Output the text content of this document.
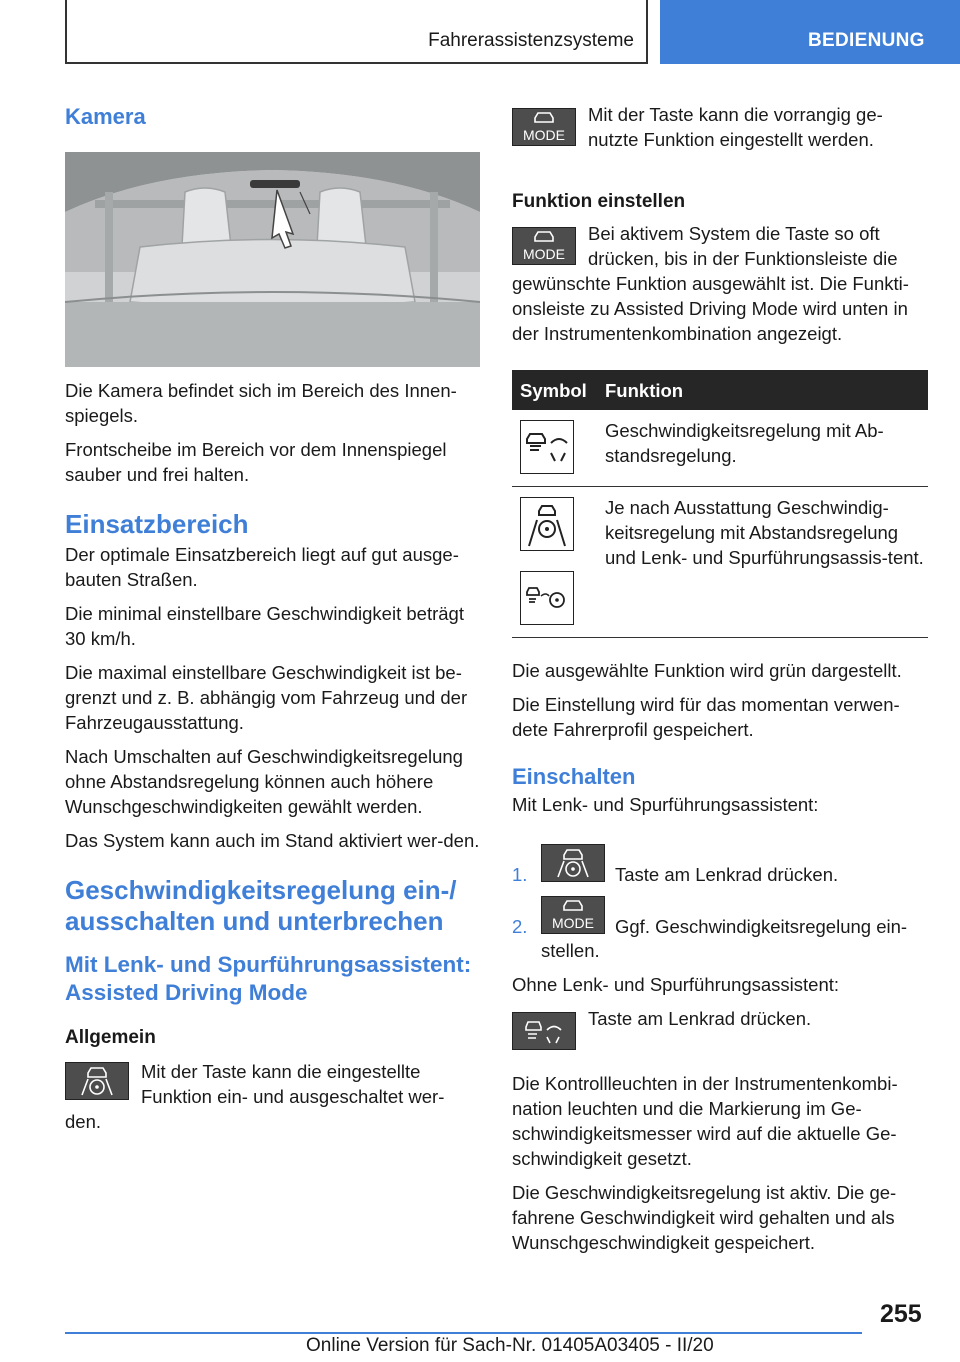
Fahrerassistenzsysteme	BEDIENUNG
Kamera

Die Kamera befindet sich im Bereich des Innen-spiegels.

Frontscheibe im Bereich vor dem Innenspiegel sauber und frei halten.

Einsatzbereich

Der optimale Einsatzbereich liegt auf gut ausge-bauten Straßen.

Die minimal einstellbare Geschwindigkeit beträgt 30 km/h.

Die maximal einstellbare Geschwindigkeit ist be-grenzt und z. B. abhängig vom Fahrzeug und der Fahrzeugausstattung.

Nach Umschalten auf Geschwindigkeitsregelung ohne Abstandsregelung können auch höhere Wunschgeschwindigkeiten gewählt werden.

Das System kann auch im Stand aktiviert wer-den.

Geschwindigkeitsregelung ein-/ ausschalten und unterbrechen
Mit Lenk- und Spurführungsassistent: Assisted Driving Mode
Allgemein
Mit der Taste kann die eingestellte Funktion ein- und ausgeschaltet wer-den.
MODE
Mit der Taste kann die vorrangig ge-nutzte Funktion eingestellt werden.
Funktion einstellen
MODE
Bei aktivem System die Taste so oft drücken, bis in der Funktionsleiste die gewünschte Funktion ausgewählt ist. Die Funkti-onsleiste zu Assisted Driving Mode wird unten in der Instrumentenkombination angezeigt.
Symbol Funktion
Geschwindigkeitsregelung mit Ab-standsregelung.
Je nach Ausstattung Geschwindig-keitsregelung mit Abstandsregelung und Lenk- und Spurführungsassis-tent.

Die ausgewählte Funktion wird grün dargestellt.

Die Einstellung wird für das momentan verwen-dete Fahrerprofil gespeichert.

Einschalten

Mit Lenk- und Spurführungsassistent:

1.	Taste am Lenkrad drücken.
2. MODE Ggf. Geschwindigkeitsregelung ein-
stellen.

Ohne Lenk- und Spurführungsassistent:

Taste am Lenkrad drücken.

Die Kontrollleuchten in der Instrumentenkombi-nation leuchten und die Markierung im Ge-schwindigkeitsmesser wird auf die aktuelle Ge-schwindigkeit gesetzt.

Die Geschwindigkeitsregelung ist aktiv. Die ge-fahrene Geschwindigkeit wird gehalten und als Wunschgeschwindigkeit gespeichert.

255
Online Version für Sach-Nr. 01405A03405 - II/20
